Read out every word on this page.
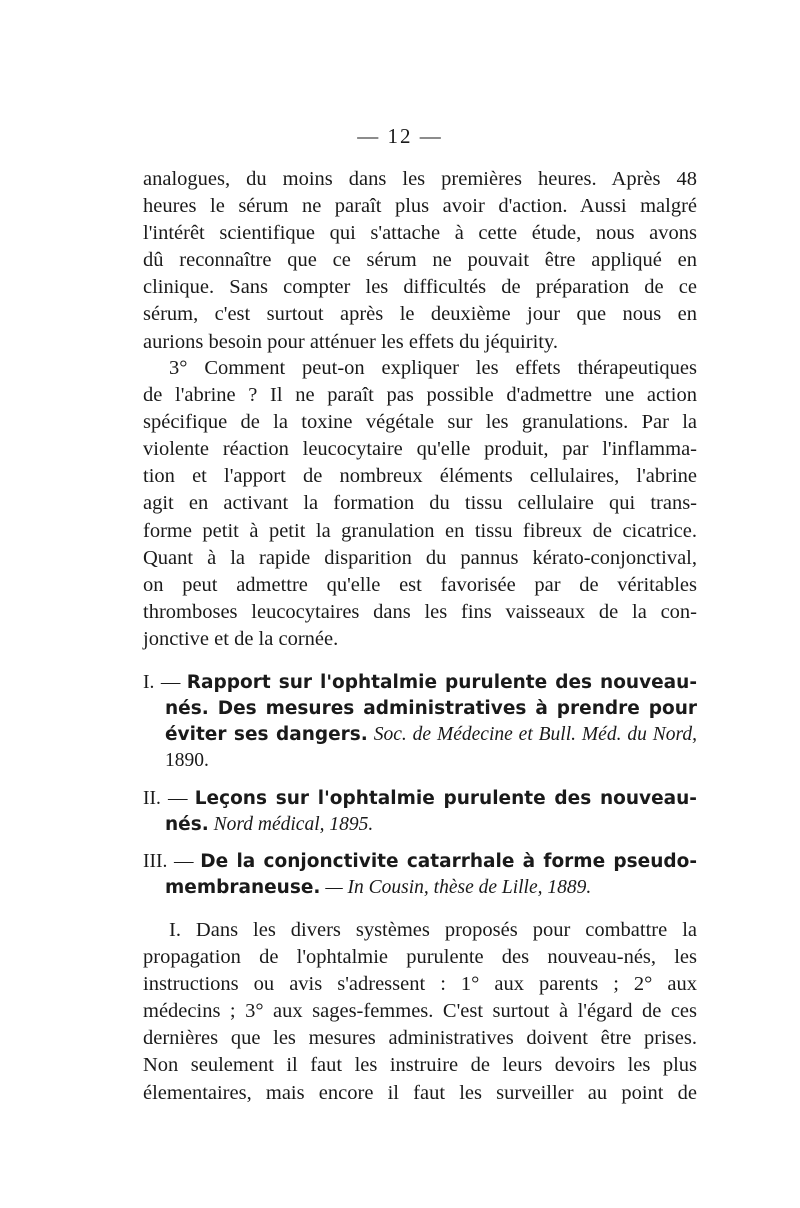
— 12 —
analogues, du moins dans les premières heures. Après 48
heures le sérum ne paraît plus avoir d'action. Aussi malgré
l'intérêt scientifique qui s'attache à cette étude, nous avons
dû reconnaître que ce sérum ne pouvait être appliqué en
clinique. Sans compter les difficultés de préparation de ce
sérum, c'est surtout après le deuxième jour que nous en
aurions besoin pour atténuer les effets du jéquirity.
3° Comment peut-on expliquer les effets thérapeutiques
de l'abrine ? Il ne paraît pas possible d'admettre une action
spécifique de la toxine végétale sur les granulations. Par la
violente réaction leucocytaire qu'elle produit, par l'inflamma-
tion et l'apport de nombreux éléments cellulaires, l'abrine
agit en activant la formation du tissu cellulaire qui trans-
forme petit à petit la granulation en tissu fibreux de cicatrice.
Quant à la rapide disparition du pannus kérato-conjonctival,
on peut admettre qu'elle est favorisée par de véritables
thromboses leucocytaires dans les fins vaisseaux de la con-
jonctive et de la cornée.
I. — Rapport sur l'ophtalmie purulente des nouveau-
nés. Des mesures administratives à prendre pour
éviter ses dangers. Soc. de Médecine et Bull. Méd. du Nord,
1890.
II. — Leçons sur l'ophtalmie purulente des nouveau-
nés. Nord médical, 1895.
III. — De la conjonctivite catarrhale à forme pseudo-
membraneuse. — In Cousin, thèse de Lille, 1889.
I. Dans les divers systèmes proposés pour combattre la
propagation de l'ophtalmie purulente des nouveau-nés, les
instructions ou avis s'adressent : 1° aux parents ; 2° aux
médecins ; 3° aux sages-femmes. C'est surtout à l'égard de ces
dernières que les mesures administratives doivent être prises.
Non seulement il faut les instruire de leurs devoirs les plus
élementaires, mais encore il faut les surveiller au point de
